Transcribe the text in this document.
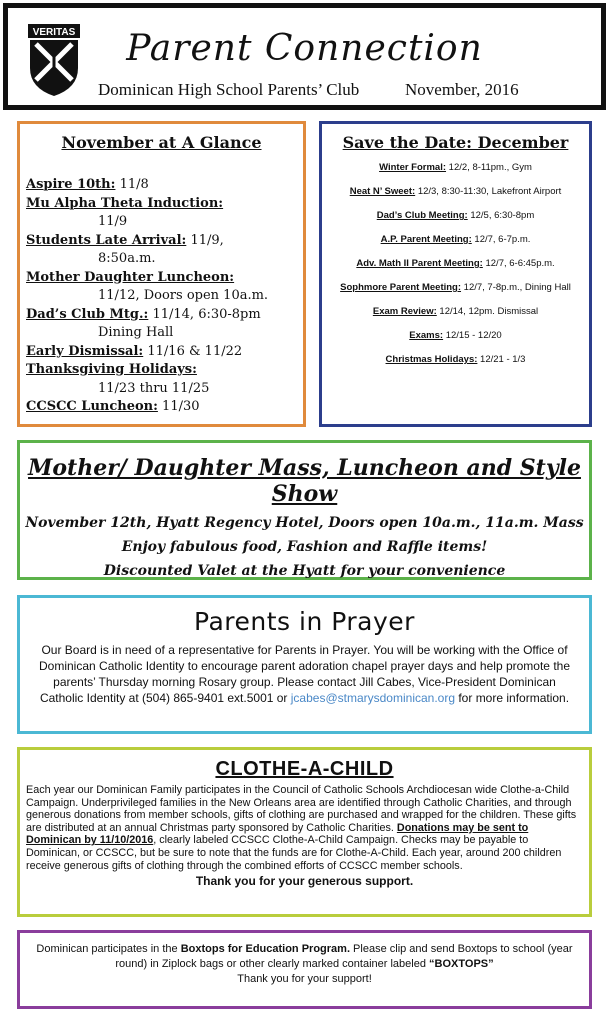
VERITAS	Parent Connection
Dominican High School Parents’ Club	November, 2016
November at A Glance
Aspire 10th: 11/8
Mu Alpha Theta Induction:
11/9
Students Late Arrival: 11/9,
8:50a.m.
Mother Daughter Luncheon:
11/12, Doors open 10a.m.
Dad’s Club Mtg.: 11/14, 6:30-8pm
Dining Hall
Early Dismissal: 11/16 & 11/22
Thanksgiving Holidays:
11/23 thru 11/25
CCSCC Luncheon: 11/30
Save the Date: December
Winter Formal: 12/2, 8-11pm., Gym
Neat N’ Sweet: 12/3, 8:30-11:30, Lakefront Airport
Dad’s Club Meeting: 12/5, 6:30-8pm
A.P. Parent Meeting: 12/7, 6-7p.m.
Adv. Math II Parent Meeting: 12/7, 6-6:45p.m.
Sophmore Parent Meeting: 12/7, 7-8p.m., Dining Hall
Exam Review: 12/14, 12pm. Dismissal
Exams: 12/15 - 12/20
Christmas Holidays: 12/21 - 1/3
Mother/ Daughter Mass, Luncheon and Style Show
November 12th, Hyatt Regency Hotel, Doors open 10a.m., 11a.m. Mass
Enjoy fabulous food, Fashion and Raffle items!
Discounted Valet at the Hyatt for your convenience
Parents in Prayer
Our Board is in need of a representative for Parents in Prayer. You will be working with the Office of Dominican Catholic Identity to encourage parent adoration chapel prayer days and help promote the parents’ Thursday morning Rosary group. Please contact Jill Cabes, Vice-President Dominican Catholic Identity at (504) 865-9401 ext.5001 or jcabes@stmarysdominican.org for more information.
CLOTHE-A-CHILD
Each year our Dominican Family participates in the Council of Catholic Schools Archdiocesan wide Clothe-a-Child Campaign. Underprivileged families in the New Orleans area are identified through Catholic Charities, and through generous donations from member schools, gifts of clothing are purchased and wrapped for the children. These gifts are distributed at an annual Christmas party sponsored by Catholic Charities. Donations may be sent to Dominican by 11/10/2016, clearly labeled CCSCC Clothe-A-Child Campaign. Checks may be payable to Dominican, or CCSCC, but be sure to note that the funds are for Clothe-A-Child. Each year, around 200 children receive generous gifts of clothing through the combined efforts of CCSCC member schools.
Thank you for your generous support.
Dominican participates in the Boxtops for Education Program. Please clip and send Boxtops to school (year round) in Ziplock bags or other clearly marked container labeled “BOXTOPS”
Thank you for your support!
